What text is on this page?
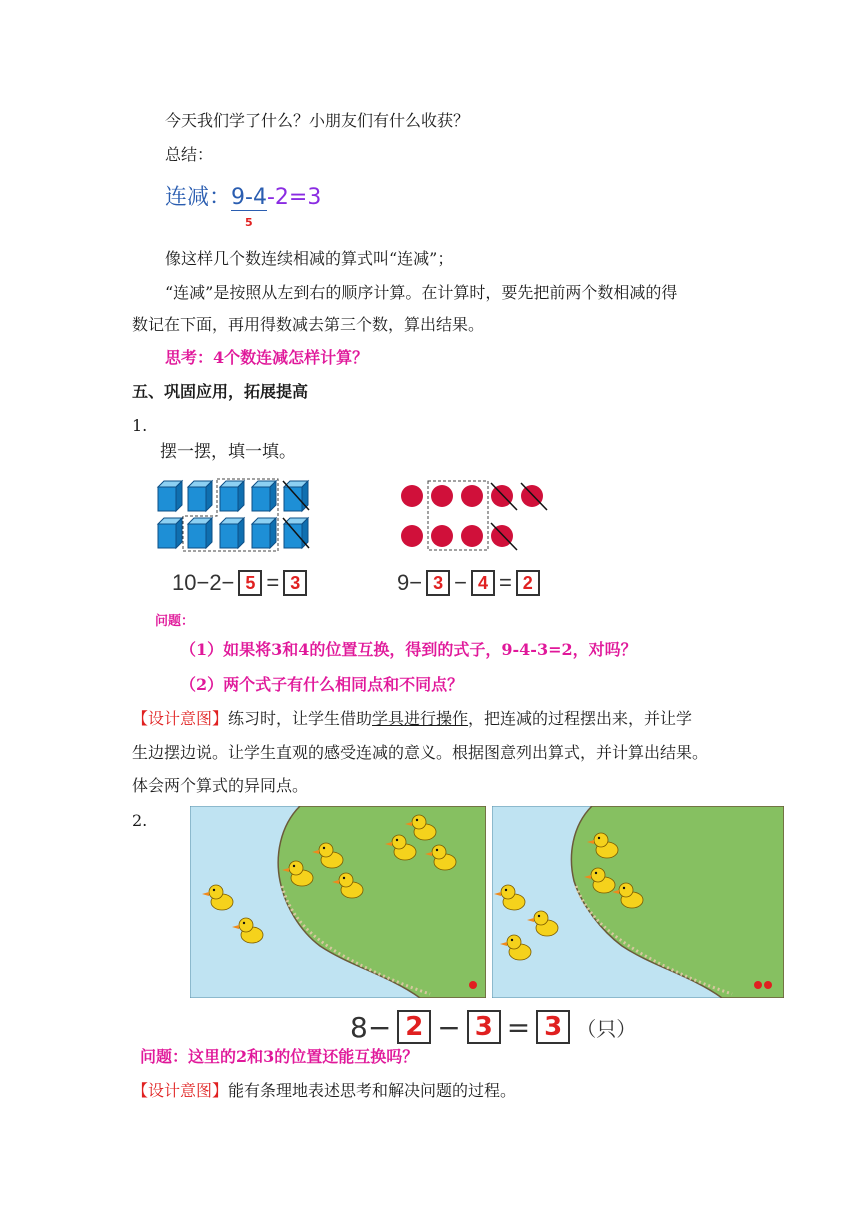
今天我们学了什么？小朋友们有什么收获？
总结：
连减：9-4-2=3
5
像这样几个数连续相减的算式叫“连减”；
“连减”是按照从左到右的顺序计算。在计算时，要先把前两个数相减的得
数记在下面，再用得数减去第三个数，算出结果。
思考：4个数连减怎样计算？
五、巩固应用，拓展提高
1.
摆一摆，填一填。
10−2− 5 = 3	9− 3 − 4 = 2
问题：
（1）如果将3和4的位置互换，得到的式子，9-4-3=2，对吗？
（2）两个式子有什么相同点和不同点？
【设计意图】练习时，让学生借助学具进行操作，把连减的过程摆出来，并让学
生边摆边说。让学生直观的感受连减的意义。根据图意列出算式，并计算出结果。
体会两个算式的异同点。
2.
8− 2 − 3 = 3 （只）
问题：这里的2和3的位置还能互换吗？
【设计意图】能有条理地表述思考和解决问题的过程。
